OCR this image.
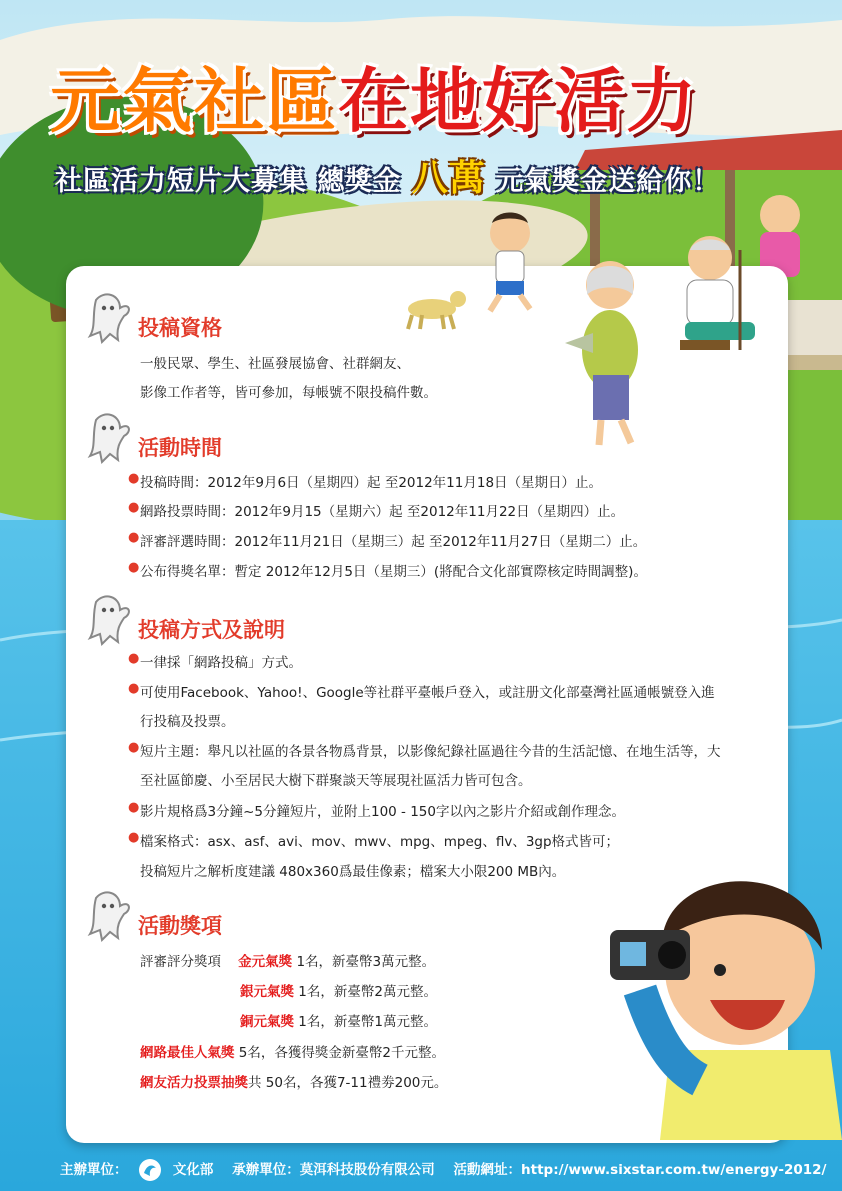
元氣社區在地好活力
社區活力短片大募集 總獎金 八萬 元氣獎金送給你！
投稿資格
一般民眾、學生、社區發展協會、社群網友、
影像工作者等，皆可參加，每帳號不限投稿件數。
活動時間
● 投稿時間：2012年9月6日（星期四）起 至2012年11月18日（星期日）止。
● 網路投票時間：2012年9月15（星期六）起 至2012年11月22日（星期四）止。
● 評審評選時間：2012年11月21日（星期三）起 至2012年11月27日（星期二）止。
● 公布得獎名單：暫定 2012年12月5日（星期三）(將配合文化部實際核定時間調整)。
投稿方式及說明
● 一律採「網路投稿」方式。
● 可使用Facebook、Yahoo!、Google等社群平臺帳戶登入，或註册文化部臺灣社區通帳號登入進
行投稿及投票。
● 短片主題：舉凡以社區的各景各物爲背景，以影像紀錄社區過往今昔的生活記憶、在地生活等，大
至社區節慶、小至居民大樹下群聚談天等展現社區活力皆可包含。
● 影片規格爲3分鐘~5分鐘短片，並附上100 - 150字以內之影片介紹或創作理念。
● 檔案格式：asx、asf、avi、mov、mwv、mpg、mpeg、flv、3gp格式皆可；
投稿短片之解析度建議 480x360爲最佳像素；檔案大小限200 MB內。
活動獎項
評審評分獎項 金元氣獎 1名，新臺幣3萬元整。
銀元氣獎 1名，新臺幣2萬元整。
銅元氣獎 1名，新臺幣1萬元整。
網路最佳人氣獎 5名，各獲得獎金新臺幣2千元整。
網友活力投票抽獎共 50名，各獲7-11禮劵200元。
主辦單位：	文化部 承辦單位：莫洱科技股份有限公司 活動網址：http://www.sixstar.com.tw/energy-2012/
